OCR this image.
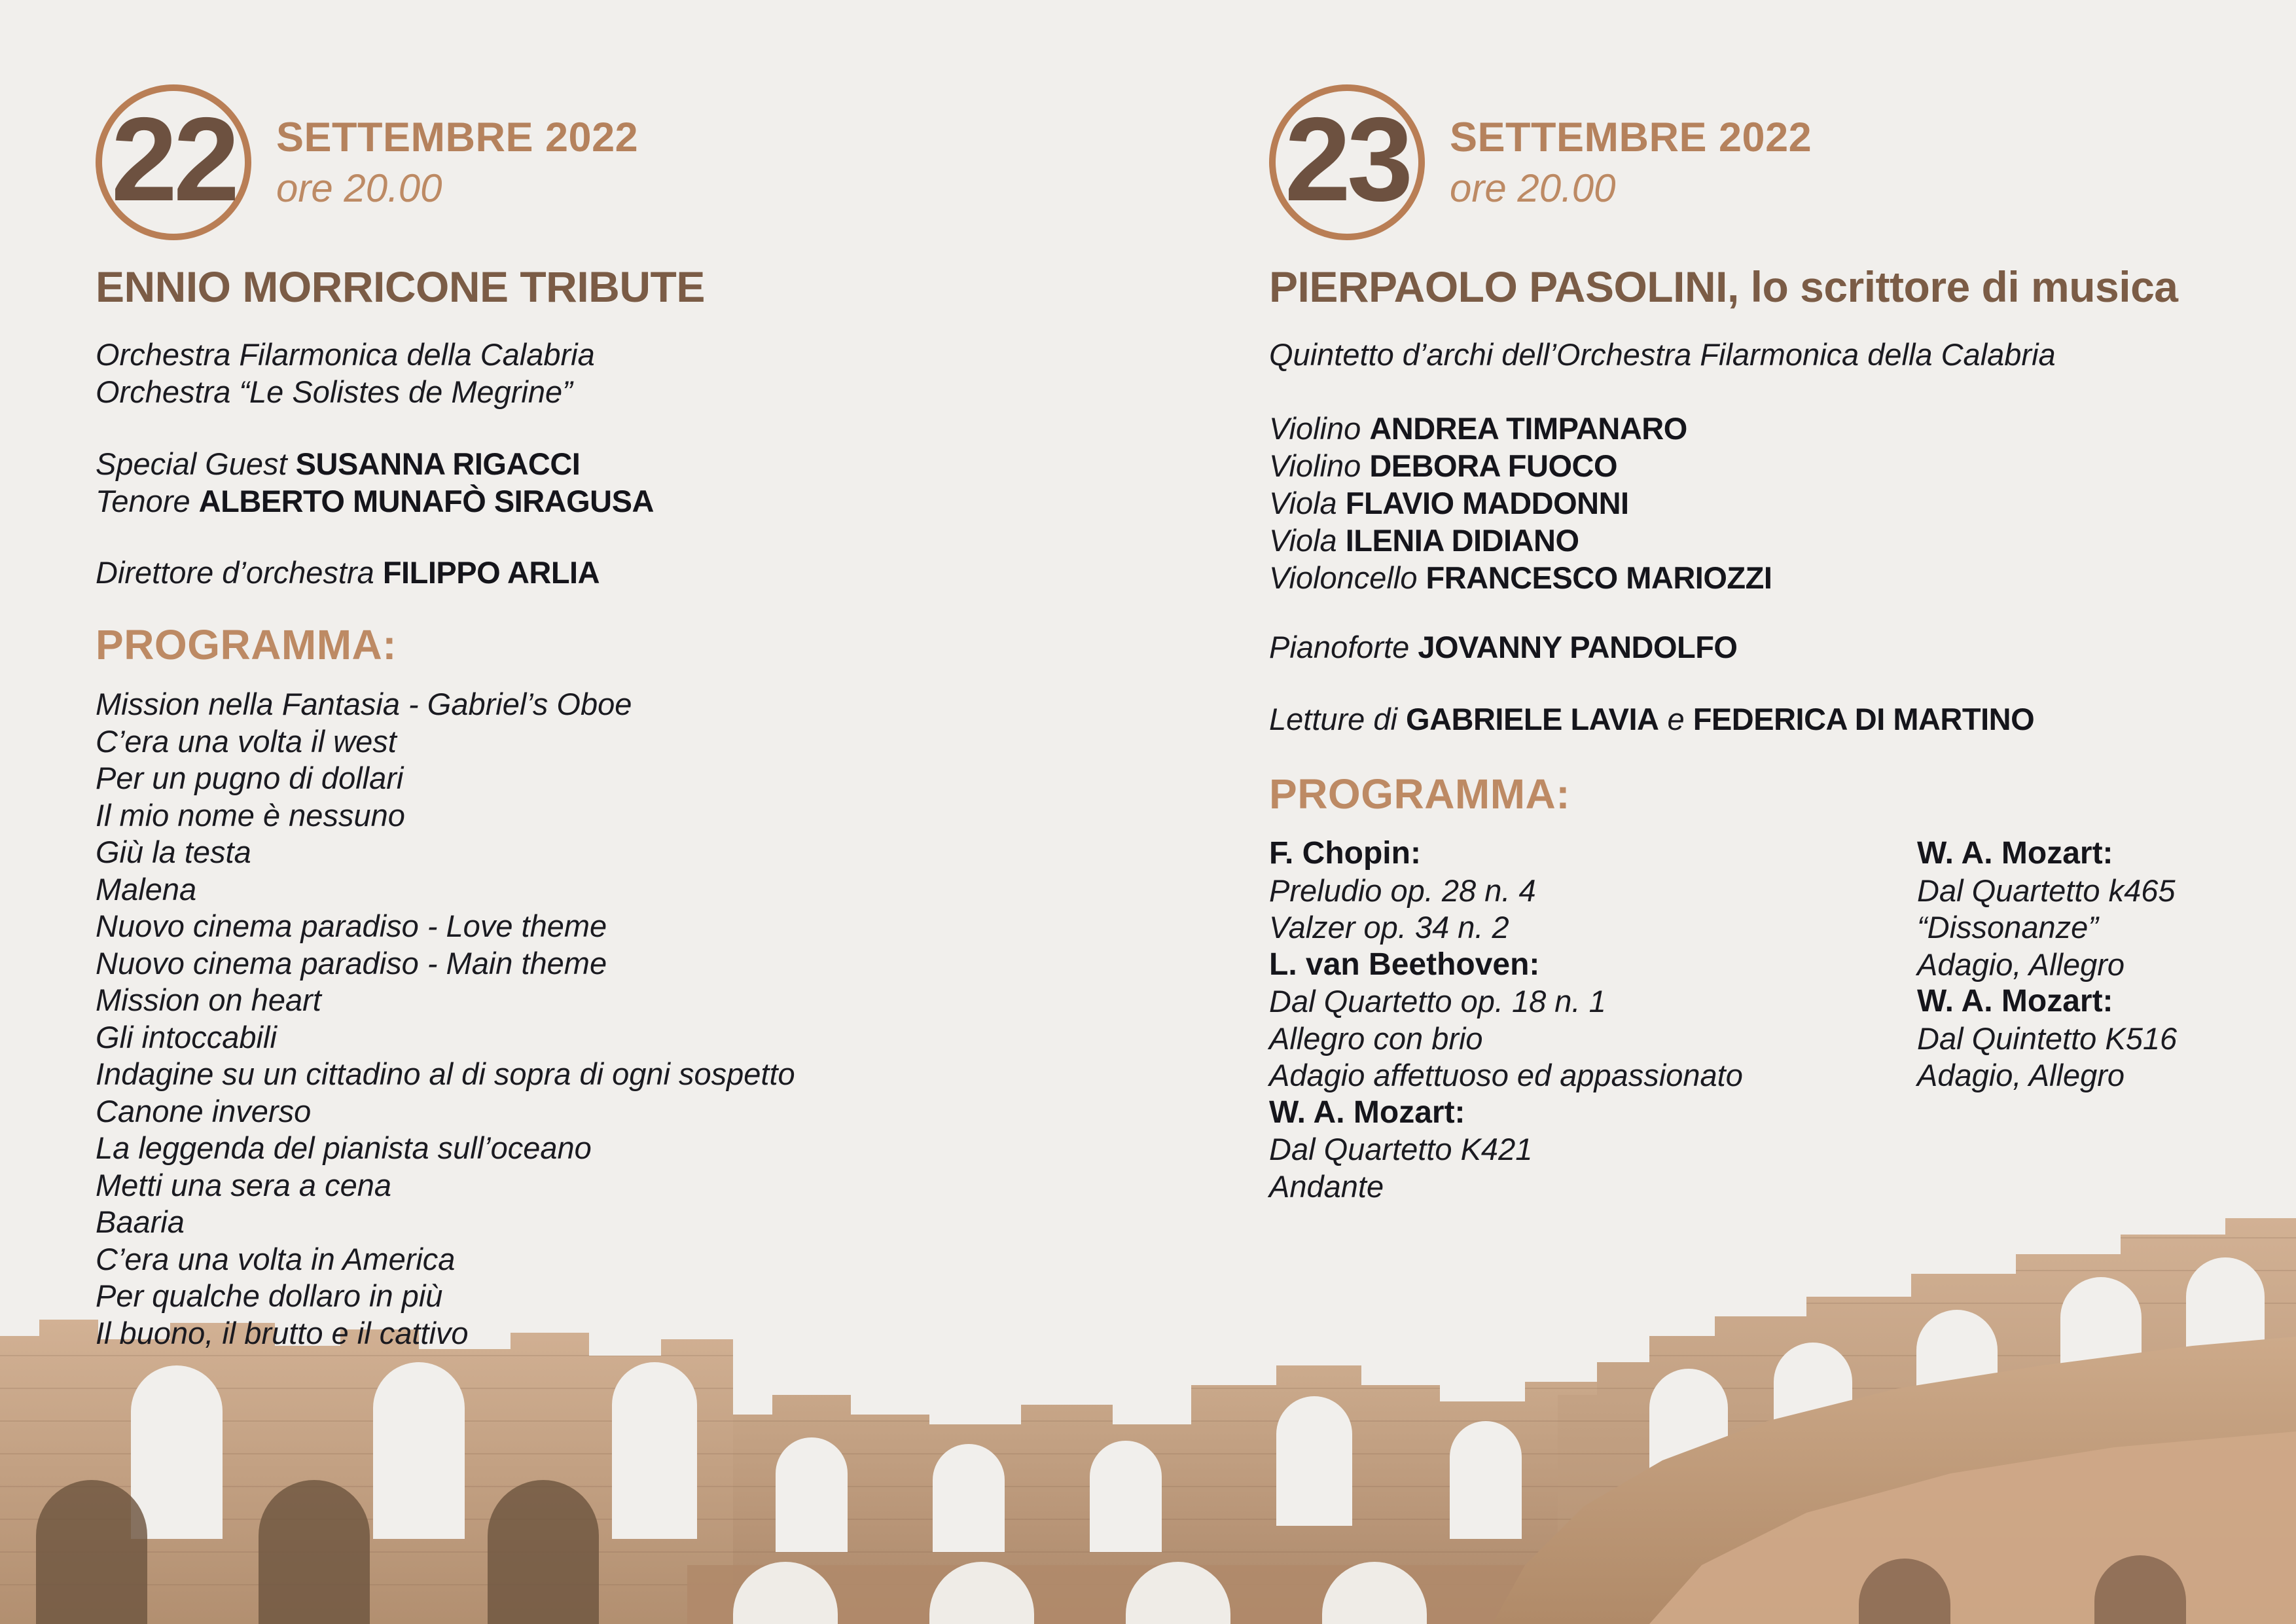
22 SETTEMBRE 2022
ore 20.00
ENNIO MORRICONE TRIBUTE

Orchestra Filarmonica della Calabria

Orchestra “Le Solistes de Megrine”

Special Guest SUSANNA RIGACCI

Tenore ALBERTO MUNAFÒ SIRAGUSA

Direttore d’orchestra FILIPPO ARLIA

PROGRAMMA:
Mission nella Fantasia - Gabriel’s Oboe
C’era una volta il west
Per un pugno di dollari
Il mio nome è nessuno
Giù la testa
Malena
Nuovo cinema paradiso - Love theme
Nuovo cinema paradiso - Main theme
Mission on heart
Gli intoccabili
Indagine su un cittadino al di sopra di ogni sospetto
Canone inverso
La leggenda del pianista sull’oceano
Metti una sera a cena
Baaria
C’era una volta in America
Per qualche dollaro in più
Il buono, il brutto e il cattivo
23 SETTEMBRE 2022
ore 20.00
PIERPAOLO PASOLINI, lo scrittore di musica

Quintetto d’archi dell’Orchestra Filarmonica della Calabria

Violino ANDREA TIMPANARO

Violino DEBORA FUOCO

Viola FLAVIO MADDONNI

Viola ILENIA DIDIANO

Violoncello FRANCESCO MARIOZZI

Pianoforte JOVANNY PANDOLFO

Letture di GABRIELE LAVIA e FEDERICA DI MARTINO

PROGRAMMA:

F. Chopin:

Preludio op. 28 n. 4

Valzer op. 34 n. 2

L. van Beethoven:

Dal Quartetto op. 18 n. 1

Allegro con brio

Adagio affettuoso ed appassionato

W. A. Mozart:

Dal Quartetto K421

Andante

W. A. Mozart:

Dal Quartetto k465

“Dissonanze”

Adagio, Allegro

W. A. Mozart:

Dal Quintetto K516

Adagio, Allegro
